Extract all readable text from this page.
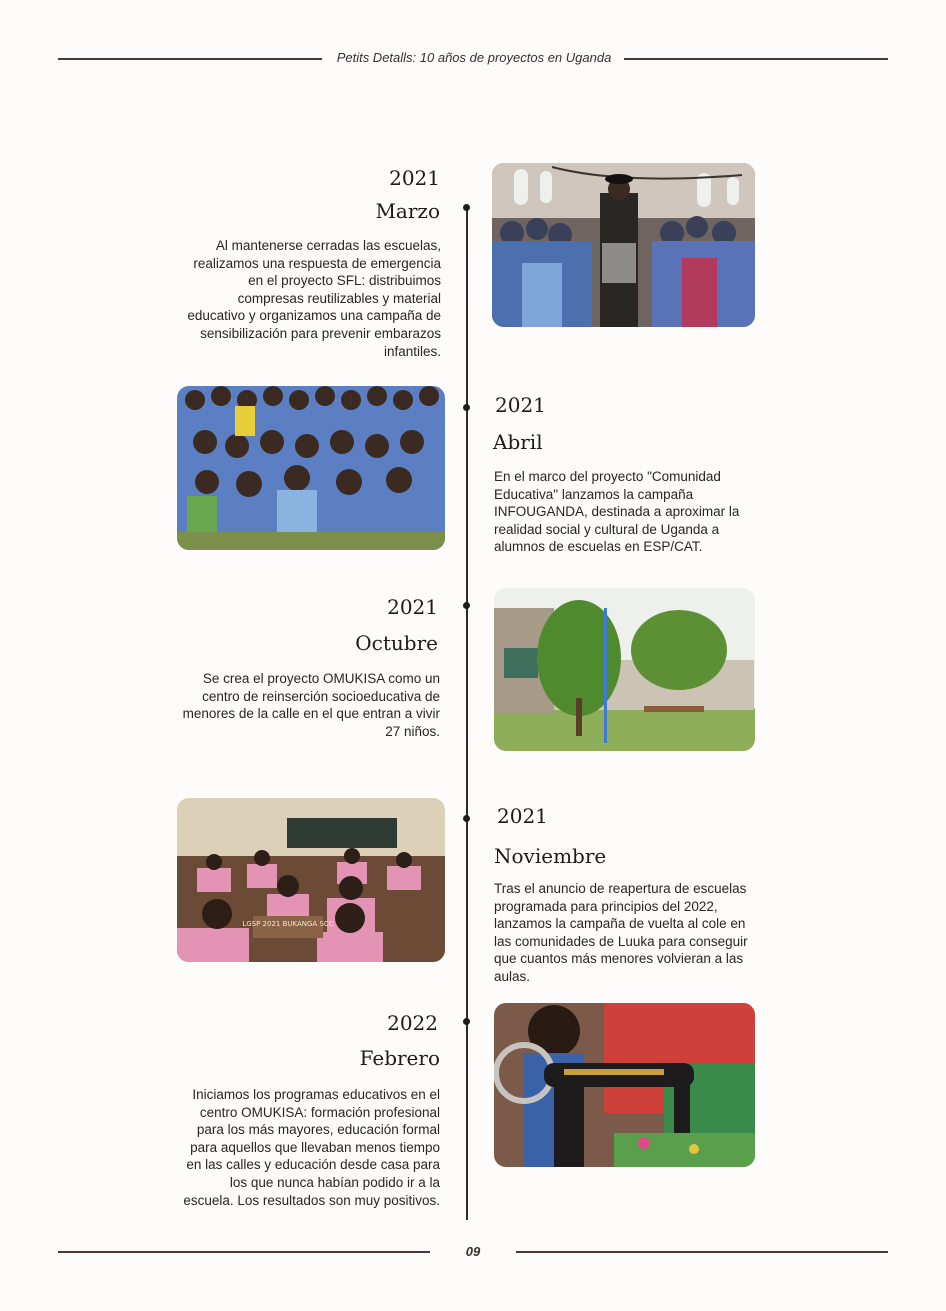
Petits Detalls: 10 años de proyectos en Uganda
2021
Marzo
Al mantenerse cerradas las escuelas, realizamos una respuesta de emergencia en el proyecto SFL: distribuimos compresas reutilizables y material educativo y organizamos una campaña de sensibilización para prevenir embarazos infantiles.
2021
Abril
En el marco del proyecto "Comunidad Educativa" lanzamos la campaña INFOUGANDA, destinada a aproximar la realidad social y cultural de Uganda a alumnos de escuelas en ESP/CAT.
2021
Octubre
Se crea el proyecto OMUKISA como un centro de reinserción socioeducativa de menores de la calle en el que entran a vivir 27 niños.
LGSP 2021 BUKANGA SCC
2021
Noviembre
Tras el anuncio de reapertura de escuelas programada para principios del 2022, lanzamos la campaña de vuelta al cole en las comunidades de Luuka para conseguir que cuantos más menores volvieran a las aulas.
2022
Febrero
Iniciamos los programas educativos en el centro OMUKISA: formación profesional para los más mayores, educación formal para aquellos que llevaban menos tiempo en las calles y educación desde casa para los que nunca habían podido ir a la escuela. Los resultados son muy positivos.
09
